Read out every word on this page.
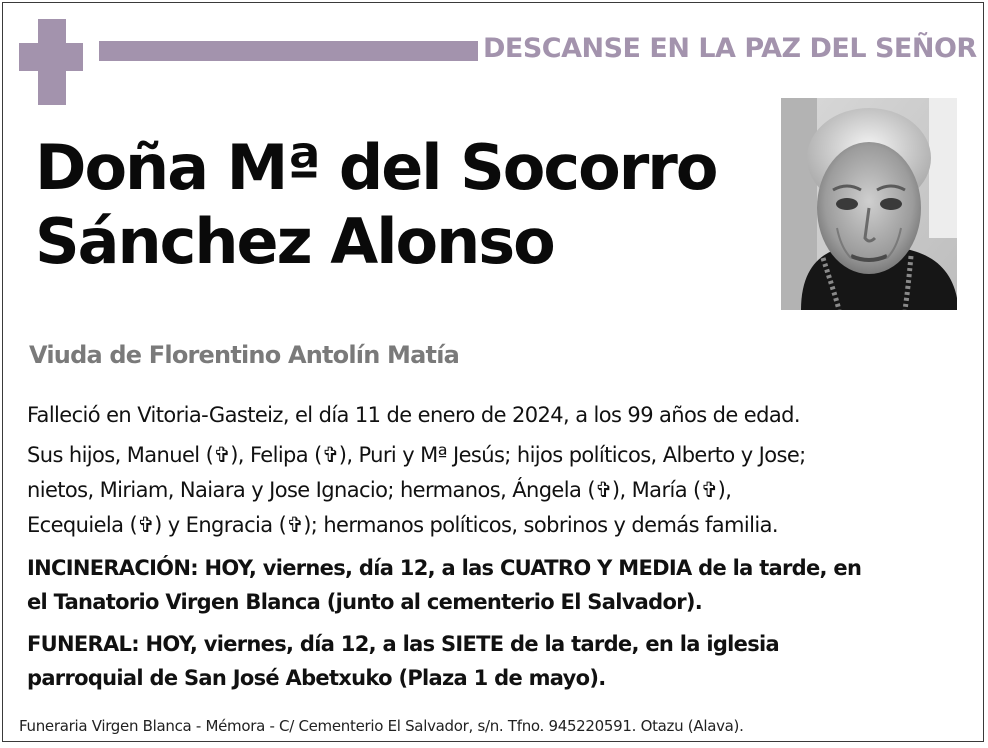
DESCANSE EN LA PAZ DEL SEÑOR
Doña Mª del Socorro
Sánchez Alonso
Viuda de Florentino Antolín Matía
Falleció en Vitoria-Gasteiz, el día 11 de enero de 2024, a los 99 años de edad.
Sus hijos, Manuel (✞), Felipa (✞), Puri y Mª Jesús; hijos políticos, Alberto y Jose;
nietos, Miriam, Naiara y Jose Ignacio; hermanos, Ángela (✞), María (✞),
Ecequiela (✞) y Engracia (✞); hermanos políticos, sobrinos y demás familia.
INCINERACIÓN: HOY, viernes, día 12, a las CUATRO Y MEDIA de la tarde, en
el Tanatorio Virgen Blanca (junto al cementerio El Salvador).
FUNERAL: HOY, viernes, día 12, a las SIETE de la tarde, en la iglesia
parroquial de San José Abetxuko (Plaza 1 de mayo).
Funeraria Virgen Blanca - Mémora - C/ Cementerio El Salvador, s/n. Tfno. 945220591. Otazu (Alava).
